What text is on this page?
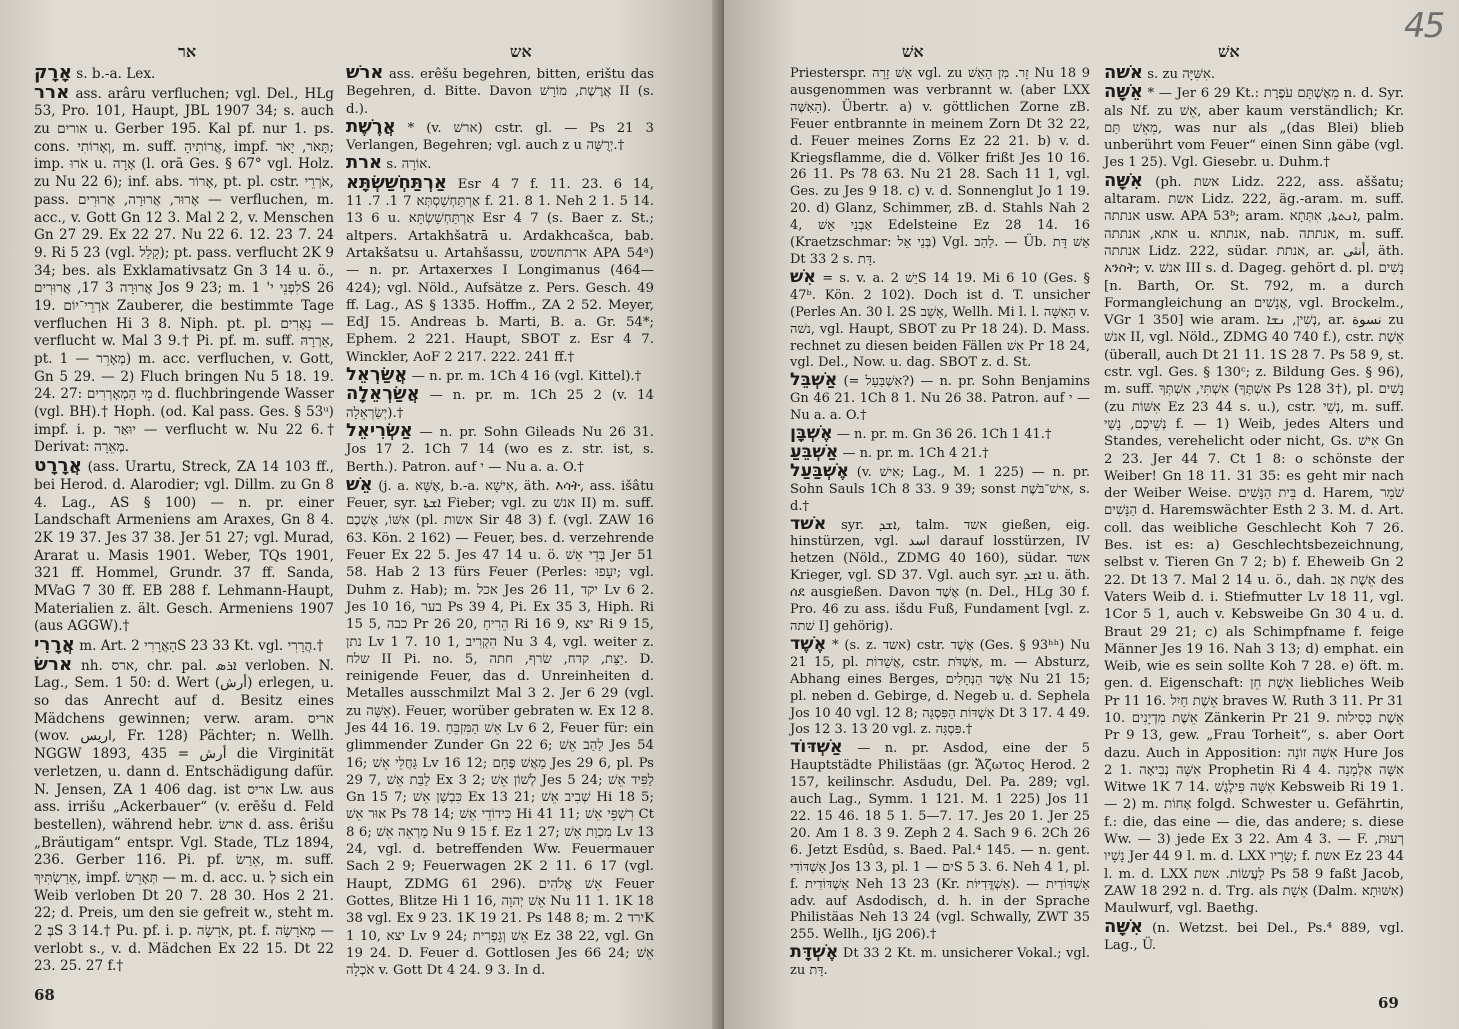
אר	אש

אָרָק s. b.-a. Lex.

ארר ass. arâru verfluchen; vgl. Del., HLg 53, Pro. 101, Haupt, JBL 1907 34; s. auch zu אורים u. Gerber 195. Kal pf. nur 1. ps. cons. וְאָרוֹתִי, m. suff. אֲרוֹתִיהָ, impf. תָּאֹר, יָאֹר; imp. אֹרוּ u. אָרָה (l. orā Ges. § 67° vgl. Holz. zu Nu 22 6); inf. abs. אָרוֹר, pt. pl. cstr. אֹרְרֵי, pass. אָרוּר, אֲרוּרָה, אֲרוּרִים — verfluchen, m. acc., v. Gott Gn 12 3. Mal 2 2, v. Menschen Gn 27 29. Ex 22 27. Nu 22 6. 12. 23 7. 24 9. Ri 5 23 (vgl. קָלַל); pt. pass. verflucht 2K 9 34; bes. als Exklamativsatz Gn 3 14 u. ö., אֲרוּרָה 3 17, אֲרוּרִים Jos 9 23; m. לִפְנֵי י' 1S 26 19. אֹרְרֵי־יוֹם Zauberer, die bestimmte Tage verfluchen Hi 3 8. Niph. pt. pl. נֵאָרִים — verflucht w. Mal 3 9.† Pi. pf. m. suff. אֵרְרָהּ, pt. מְאָרֵר — 1) m. acc. verfluchen, v. Gott, Gn 5 29. — 2) Fluch bringen Nu 5 18. 19. 24. 27: מֵי הַמְאָרְרִים d. fluchbringende Wasser (vgl. BH).† Hoph. (od. Kal pass. Ges. § 53ᵘ) impf. i. p. יוּאַר — verflucht w. Nu 22 6.† Derivat: מְאֵרָה.

אֲרָרָט (ass. Urartu, Streck, ZA 14 103 ff., bei Herod. d. Alarodier; vgl. Dillm. zu Gn 8 4. Lag., AS § 100) — n. pr. einer Landschaft Armeniens am Araxes, Gn 8 4. 2K 19 37. Jes 37 38. Jer 51 27; vgl. Murad, Ararat u. Masis 1901. Weber, TQs 1901, 321 ff. Hommel, Grundr. 37 ff. Sanda, MVaG 7 30 ff. EB 288 f. Lehmann-Haupt, Materialien z. ält. Gesch. Armeniens 1907 (aus AGGW).†

אֲרָרִי m. Art. הָאֲרָרִי 2S 23 33 Kt. vgl. הֲרָרִי.†

ארשׂ nh. ארס, chr. pal. ܐܪܣ verloben. N. Lag., Sem. 1 50: d. Wert (أرش) erlegen, u. so das Anrecht auf d. Besitz eines Mädchens gewinnen; verw. aram. אריס (wov. اريس, Fr. 128) Pächter; n. Wellh. NGGW 1893, 435 = أرش die Virginität verletzen, u. dann d. Entschädigung dafür. N. Jensen, ZA 1 406 dag. ist אריס Lw. aus ass. irrišu „Ackerbauer“ (v. erēšu d. Feld bestellen), während hebr. ארשׂ d. ass. êrišu „Bräutigam“ entspr. Vgl. Stade, TLz 1894, 236. Gerber 116. Pi. pf. אֵרַשׂ, m. suff. אֵרַשְׂתִּיךְ, impf. תְּאָרֵשׂ — m. d. acc. u. לְ sich ein Weib verloben Dt 20 7. 28 30. Hos 2 21. 22; d. Preis, um den sie gefreit w., steht m. בְּ 2S 3 14.† Pu. pf. i. p. אֹרָשָׂה, pt. f. מְאֹרָשָׂה — verlobt s., v. d. Mädchen Ex 22 15. Dt 22 23. 25. 27 f.†

ארשׁ ass. erêšu begehren, bitten, erištu das Begehren, d. Bitte. Davon אֲרֶשֶׁת, מוֹרָשׁ II (s. d.).

אֲרֶשֶׁת * (v. ארשׁ) cstr. gl. — Ps 21 3 Verlangen, Begehren; vgl. auch z u יְרֻשָּׁה.†

ארת s. אוֹרָה.

אַרְתַּחְשַׁשְׂתָּא Esr 4 7 f. 11. 23. 6 14, אַרְתַּחְשַׁסְתְּא 7 1. 7. 11 f. 21. 8 1. Neh 2 1. 5 14. 13 6 u. אַרְתַּחְשַׁשְׂתָּא Esr 4 7 (s. Baer z. St.; altpers. Artakhšatrā u. Ardakhcašca, bab. Artakšatsu u. Artahšassu, ארתחשסש APA 54ᵃ) — n. pr. Artaxerxes I Longimanus (464—424); vgl. Nöld., Aufsätze z. Pers. Gesch. 49 ff. Lag., AS § 1335. Hoffm., ZA 2 52. Meyer, EdJ 15. Andreas b. Marti, B. a. Gr. 54*; Ephem. 2 221. Haupt, SBOT z. Esr 4 7. Winckler, AoF 2 217. 222. 241 ff.†

אֲשַׂרְאֵל — n. pr. m. 1Ch 4 16 (vgl. Kittel).†

אֲשַׂרְאֵלָה — n. pr. m. 1Ch 25 2 (v. 14 יְשַׂרְאֵלָה).†

אַשְׂרִיאֵל — n. pr. Sohn Gileads Nu 26 31. Jos 17 2. 1Ch 7 14 (wo es z. str. ist, s. Berth.). Patron. auf י — Nu a. a. O.†

אֵשׁ (j. a. אֶשָּׁא, b.-a. אִישָׁא, äth. እሳት, ass. išâtu Feuer, syr. ܐܫܬܐ Fieber; vgl. zu אנשׁ II) m. suff. אִשּׁוֹ, אֶשְׁכֶם (pl. אשות Sir 48 3) f. (vgl. ZAW 16 63. Kön. 2 162) — Feuer, bes. d. verzehrende Feuer Ex 22 5. Jes 47 14 u. ö. בְּדֵי אֵשׁ Jer 51 58. Hab 2 13 fürs Feuer (Perles: יִעָפוּ; vgl. Duhm z. Hab); m. אכל Jes 26 11, יקד Lv 6 2. Jes 10 16, בער Ps 39 4, Pi. Ex 35 3, Hiph. Ri 15 5, כבה Pr 26 20, הֵרִיחַ Ri 16 9, יצא Ri 9 15, נתן Lv 1 7. 10 1, הִקְרִיב Nu 3 4, vgl. weiter z. שלח II Pi. no. 5, יַצַּת, קדח, שׂרף, חתה. D. reinigende Feuer, das d. Unreinheiten d. Metalles ausschmilzt Mal 3 2. Jer 6 29 (vgl. zu אֵשָּׁה). Feuer, worüber gebraten w. Ex 12 8. Jes 44 16. 19. אֵשׁ הַמִּזְבֵּחַ Lv 6 2, Feuer für: ein glimmender Zunder Gn 22 6; לַהַב אֵשׁ Jes 54 16; גַּחֲלֵי אֵשׁ Lv 16 12; מַאֲשׁ פֶּחָם Jes 29 6, pl. Ps 29 7, לַבַּת אֵשׁ Ex 3 2; לְשׁוֹן אֵשׁ Jes 5 24; לַפִּיד אֵשׁ Gn 15 7; כִּבְשַׁן אֵשׁ Ex 13 21; שְׁבִיב אֵשׁ Hi 18 5; אוּר אֵשׁ Ps 78 14; כִּידוֹדֵי אֵשׁ Hi 41 11; רִשְׁפֵּי אֵשׁ Ct 8 6; מַרְאֵה אֵשׁ Nu 9 15 f. Ez 1 27; מִכְוַת אֵשׁ Lv 13 24, vgl. d. betreffenden Ww. Feuermauer Sach 2 9; Feuerwagen 2K 2 11. 6 17 (vgl. Haupt, ZDMG 61 296). אֵשׁ אֱלֹהִים Feuer Gottes, Blitze Hi 1 16, אֵשׁ יְהוָה Nu 11 1. 1K 18 38 vgl. Ex 9 23. 1K 19 21. Ps 148 8; m. ירד 2K 1 10, יצא Lv 9 24; אֵשׁ וְגָפְרִית Ez 38 22, vgl. Gn 19 24. D. Feuer d. Gottlosen Jes 66 24; אֵשׁ אֹכְלָה v. Gott Dt 4 24. 9 3. In d.

68
אשׁ	אשׁ

Priesterspr. אֵשׁ זָרָה vgl. zu זָר. מִן הָאֵשׁ Nu 18 9 ausgenommen was verbrannt w. (aber LXX הָאִשֶּׁה). Übertr. a) v. göttlichen Zorne zB. Feuer entbrannte in meinem Zorn Dt 32 22, d. Feuer meines Zorns Ez 22 21. b) v. d. Kriegsflamme, die d. Völker frißt Jes 10 16. 26 11. Ps 78 63. Nu 21 28. Sach 11 1, vgl. Ges. zu Jes 9 18. c) v. d. Sonnenglut Jo 1 19. 20. d) Glanz, Schimmer, zB. d. Stahls Nah 2 4, אַבְנֵי אֵשׁ Edelsteine Ez 28 14. 16 (Kraetzschmar: בְּנֵי אֵל) Vgl. לַהַב. — Üb. אֵשׁ דָּת Dt 33 2 s. דָּת.

אִשׁ = s. v. a. יֵשׁ 2S 14 19. Mi 6 10 (Ges. § 47ᵇ. Kön. 2 102). Doch ist d. T. unsicher (Perles An. 30 l. 2S אָשֵׁב, Wellh. Mi l. l. הַאִשָּׁה v. נשׁה, vgl. Haupt, SBOT zu Pr 18 24). D. Mass. rechnet zu diesen beiden Fällen אִשׁ Pr 18 24, vgl. Del., Now. u. dag. SBOT z. d. St.

אַשְׁבֵּל (= אִשְׁבַּעַל?) — n. pr. Sohn Benjamins Gn 46 21. 1Ch 8 1. Nu 26 38. Patron. auf י — Nu a. a. O.†

אֶשְׁבָּן — n. pr. m. Gn 36 26. 1Ch 1 41.†

אַשְׁבֵּעַ — n. pr. m. 1Ch 4 21.†

אֶשְׁבַּעַל (v. אִישׁ; Lag., M. 1 225) — n. pr. Sohn Sauls 1Ch 8 33. 9 39; sonst אִישׁ־בֹּשֶׁת, s. d.†

אשׁד syr. ܐܫܕ, talm. אשד gießen, eig. hinstürzen, vgl. اسد darauf losstürzen, IV hetzen (Nöld., ZDMG 40 160), südar. אשד Krieger, vgl. SD 37. Vgl. auch syr. ܐܫܕ u. äth. ሰደ ausgießen. Davon אֶשֶׁד (n. Del., HLg 30 f. Pro. 46 zu ass. išdu Fuß, Fundament [vgl. z. שׁתה I] gehörig).

אֶשֶׁד * (s. z. אשד) cstr. אֶשֶׁד (Ges. § 93ʰʰ) Nu 21 15, pl. אֲשֵׁדוֹת, cstr. אַשְׁדֹּת, m. — Absturz, Abhang eines Berges, אֶשֶׁד הַנְּחָלִים Nu 21 15; pl. neben d. Gebirge, d. Negeb u. d. Sephela Jos 10 40 vgl. 12 8; אַשְׁדּוֹת הַפִּסְגָּה Dt 3 17. 4 49. Jos 12 3. 13 20 vgl. z. פִּסְגָּה.†

אַשְׁדּוֹד — n. pr. Asdod, eine der 5 Hauptstädte Philistäas (gr. Ἄζωτος Herod. 2 157, keilinschr. Asdudu, Del. Pa. 289; vgl. auch Lag., Symm. 1 121. M. 1 225) Jos 11 22. 15 46. 18 5 1. 5—7. 17. Jes 20 1. Jer 25 20. Am 1 8. 3 9. Zeph 2 4. Sach 9 6. 2Ch 26 6. Jetzt Esdûd, s. Baed. Pal.⁴ 145. — n. gent. אַשְׁדּוֹדִי Jos 13 3, pl. ים — 1S 5 3. 6. Neh 4 1, pl. f. אַשְׁדּוֹדִית Neh 13 23 (Kr. אַשְׁדֳּדִיּוֹת). — אַשְׁדּוֹדִית adv. auf Asdodisch, d. h. in der Sprache Philistäas Neh 13 24 (vgl. Schwally, ZWT 35 255. Wellh., IjG 206).†

אֶשְׁדָּת Dt 33 2 Kt. m. unsicherer Vokal.; vgl. zu דָּת.

אשׁה s. zu אִשִּׁיָּה.

אֵשָּׁה * — Jer 6 29 Kt.: מֵאֶשְׁתָּם עֹפֶרֶת n. d. Syr. als Nf. zu אֵשׁ, aber kaum verständlich; Kr. מֵאֵשׁ תַּם, was nur als „(das Blei) blieb unberührt vom Feuer“ einen Sinn gäbe (vgl. Jes 1 25). Vgl. Giesebr. u. Duhm.†

אִשָּׁה (ph. אשת Lidz. 222, ass. aššatu; altaram. אשת Lidz. 222, äg.-aram. m. suff. אנתתה usw. APA 53ᵇ; aram. ܐܢܬܬܐ, אִתְּתָא, palm. אתא, אנתתה u. אנתתא, nab. אנתתה, m. suff. אנתתה Lidz. 222, südar. אנתת, ar. أنثى, äth. አንስት; v. אנשׁ III s. d. Dageg. gehört d. pl. נָשִׁים [n. Barth, Or. St. 792, m. a durch Formangleichung an אֲנָשִׁים, vgl. Brockelm., VGr 1 350] wie aram. נְשִׁין, ܢܫܐ, ar. نسوة zu אנשׁ II, vgl. Nöld., ZDMG 40 740 f.), cstr. אֵשֶׁת (überall, auch Dt 21 11. 1S 28 7. Ps 58 9, st. cstr. vgl. Ges. § 130ᶜ; z. Bildung Ges. § 96), m. suff. אִשְׁתִּי, אִשְׁתְּךָ (אִשְׁתֶּךָ Ps 128 3†), pl. נָשִׁים (zu אִשּׁוֹת Ez 23 44 s. u.), cstr. נְשֵׁי, m. suff. נְשֵׁיכֶם, נָשַׁי f. — 1) Weib, jedes Alters und Standes, verehelicht oder nicht, Gs. אִישׁ Gn 2 23. Jer 44 7. Ct 1 8: o schönste der Weiber! Gn 18 11. 31 35: es geht mir nach der Weiber Weise. בֵּית הַנָּשִׁים d. Harem, שֹׁמֵר הַנָּשִׁים d. Haremswächter Esth 2 3. M. d. Art. coll. das weibliche Geschlecht Koh 7 26. Bes. ist es: a) Geschlechtsbezeichnung, selbst v. Tieren Gn 7 2; b) f. Eheweib Gn 2 22. Dt 13 7. Mal 2 14 u. ö., dah. אֵשֶׁת אָב des Vaters Weib d. i. Stiefmutter Lv 18 11, vgl. 1Cor 5 1, auch v. Kebsweibe Gn 30 4 u. d. Braut 29 21; c) als Schimpfname f. feige Männer Jes 19 16. Nah 3 13; d) emphat. ein Weib, wie es sein sollte Koh 7 28. e) öft. m. gen. d. Eigenschaft: אֵשֶׁת חֵן liebliches Weib Pr 11 16. אֵשֶׁת חַיִל braves W. Ruth 3 11. Pr 31 10. אֵשֶׁת מִדְיָנִים Zänkerin Pr 21 9. אֵשֶׁת כְּסִילוּת Pr 9 13, gew. „Frau Torheit“, s. aber Oort dazu. Auch in Apposition: אִשָּׁה זוֹנָה Hure Jos 2 1. אִשָּׁה נְבִיאָה Prophetin Ri 4 4. אִשָּׁה אַלְמָנָה Witwe 1K 7 14. אִשָּׁה פִּילֶגֶשׁ Kebsweib Ri 19 1. — 2) m. אָחוֹת folgd. Schwester u. Gefährtin, f.: die, das eine — die, das andere; s. diese Ww. — 3) jede Ex 3 22. Am 4 3. — F. רְעוּת, נָשָׁיו Jer 44 9 l. m. d. LXX שָׂרָיו; f. אשת Ez 23 44 l. m. d. LXX לַעֲשׂוֹת. אשת Ps 58 9 faßt Jacob, ZAW 18 292 n. d. Trg. als אֵשָׁת (Dalm. אִשּׁוּתָא) Maulwurf, vgl. Baethg.

אִשָּׁה (n. Wetzst. bei Del., Ps.⁴ 889, vgl. Lag., Ü.

69
45
